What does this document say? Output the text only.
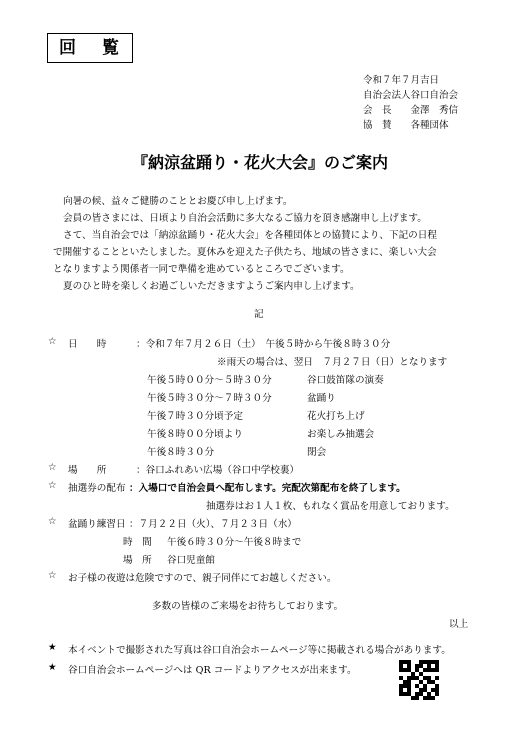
回 覧
令和７年７月吉日
自治会法人谷口自治会
会　長　　金澤　秀信
協　賛　　各種団体
『納涼盆踊り・花火大会』のご案内
向暑の候、益々ご健勝のこととお慶び申し上げます。
会員の皆さまには、日頃より自治会活動に多大なるご協力を頂き感謝申し上げます。
さて、当自治会では「納涼盆踊り・花火大会」を各種団体との協賛により、下記の日程
で開催することといたしました。夏休みを迎えた子供たち、地域の皆さまに、楽しい大会
となりますよう関係者一同で準備を進めているところでございます。
夏のひと時を楽しくお過ごしいただきますようご案内申し上げます。
記
☆ 日　　時	：令和７年７月２６日（土）　午後５時から午後８時３０分
※雨天の場合は、翌日　７月２７日（日）となります
午後５時００分～５時３０分	谷口鼓笛隊の演奏
午後５時３０分～７時３０分	盆踊り
午後７時３０分頃予定	花火打ち上げ
午後８時００分頃より	お楽しみ抽選会
午後８時３０分	閉会
☆ 場　　所	：谷口ふれあい広場（谷口中学校裏）
☆ 抽選券の配布 ：入場口で自治会員へ配布します。完配次第配布を終了します。
抽選券はお１人１枚、もれなく賞品を用意しております。
☆ 盆踊り練習日 ：７月２２日（火）、７月２３日（水）
時　間 午後６時３０分～午後８時まで
場　所 谷口児童館
☆ お子様の夜遊は危険ですので、親子同伴にてお越しください。
多数の皆様のご来場をお待ちしております。
以上
★ 本イベントで撮影された写真は谷口自治会ホームページ等に掲載される場合があります。
★ 谷口自治会ホームページへは QR コードよりアクセスが出来ます。
